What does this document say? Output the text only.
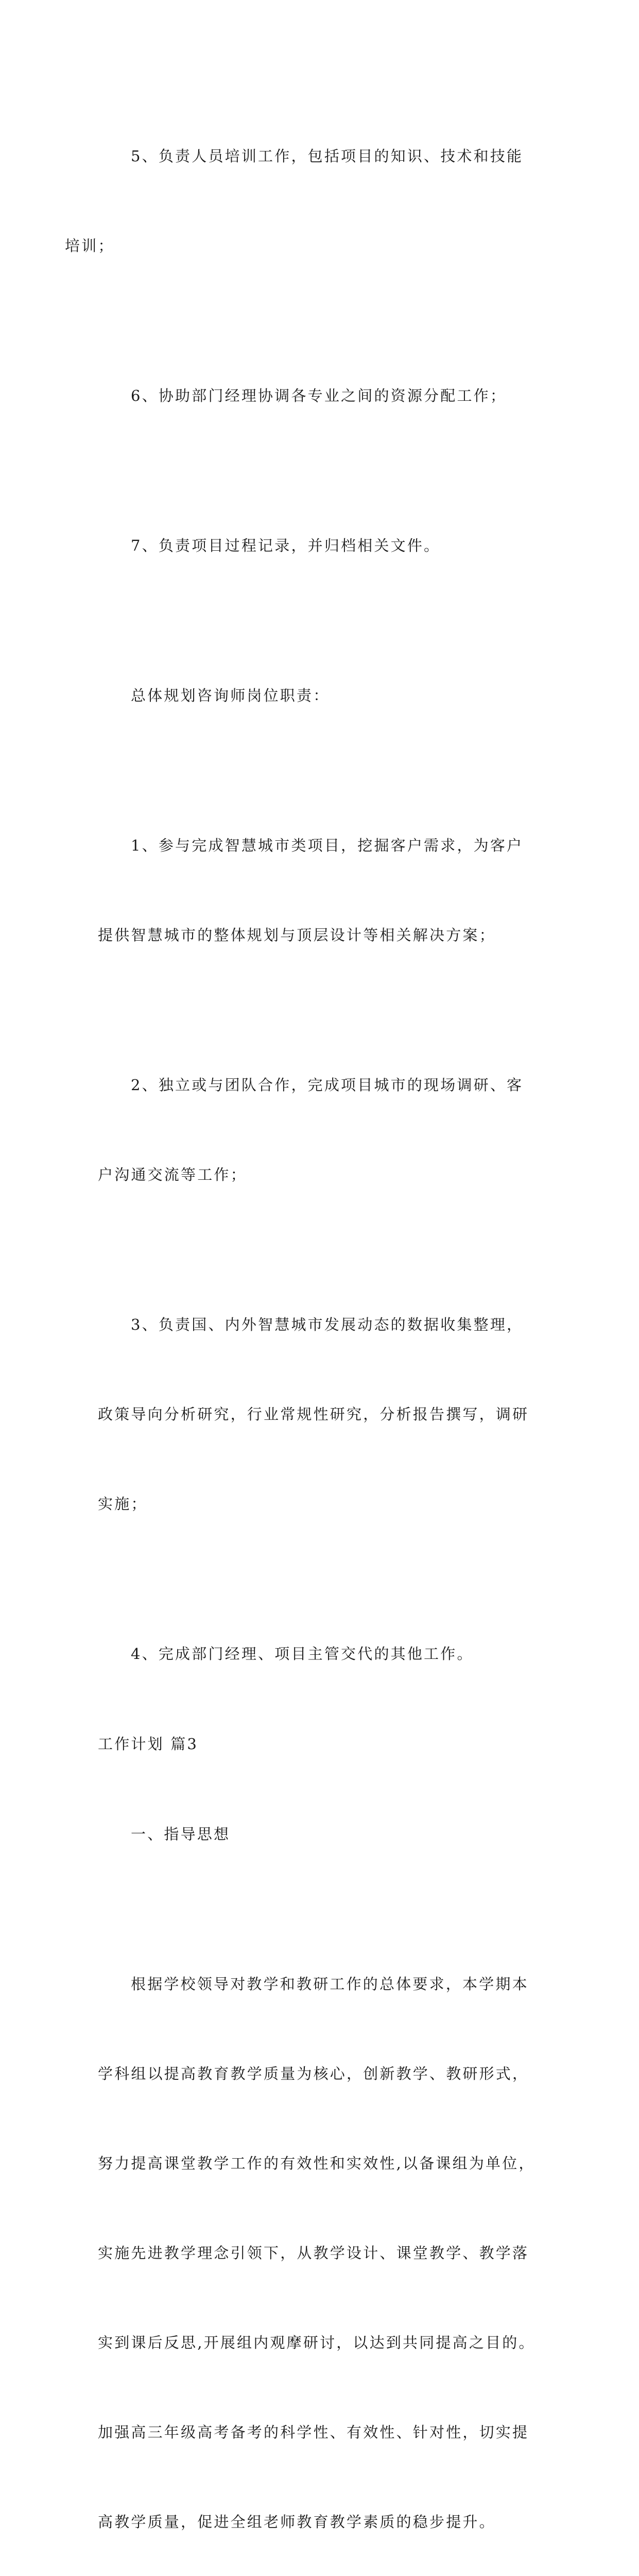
5、负责人员培训工作，包括项目的知识、技术和技能

培训；

6、协助部门经理协调各专业之间的资源分配工作；

7、负责项目过程记录，并归档相关文件。

总体规划咨询师岗位职责：

1、参与完成智慧城市类项目，挖掘客户需求，为客户

提供智慧城市的整体规划与顶层设计等相关解决方案；

2、独立或与团队合作，完成项目城市的现场调研、客

户沟通交流等工作；

3、负责国、内外智慧城市发展动态的数据收集整理，

政策导向分析研究，行业常规性研究，分析报告撰写，调研

实施；

4、完成部门经理、项目主管交代的其他工作。

工作计划 篇3

一、指导思想

根据学校领导对教学和教研工作的总体要求，本学期本

学科组以提高教育教学质量为核心，创新教学、教研形式，

努力提高课堂教学工作的有效性和实效性,以备课组为单位，

实施先进教学理念引领下，从教学设计、课堂教学、教学落

实到课后反思,开展组内观摩研讨，以达到共同提高之目的。

加强高三年级高考备考的科学性、有效性、针对性，切实提

高教学质量，促进全组老师教育教学素质的稳步提升。
